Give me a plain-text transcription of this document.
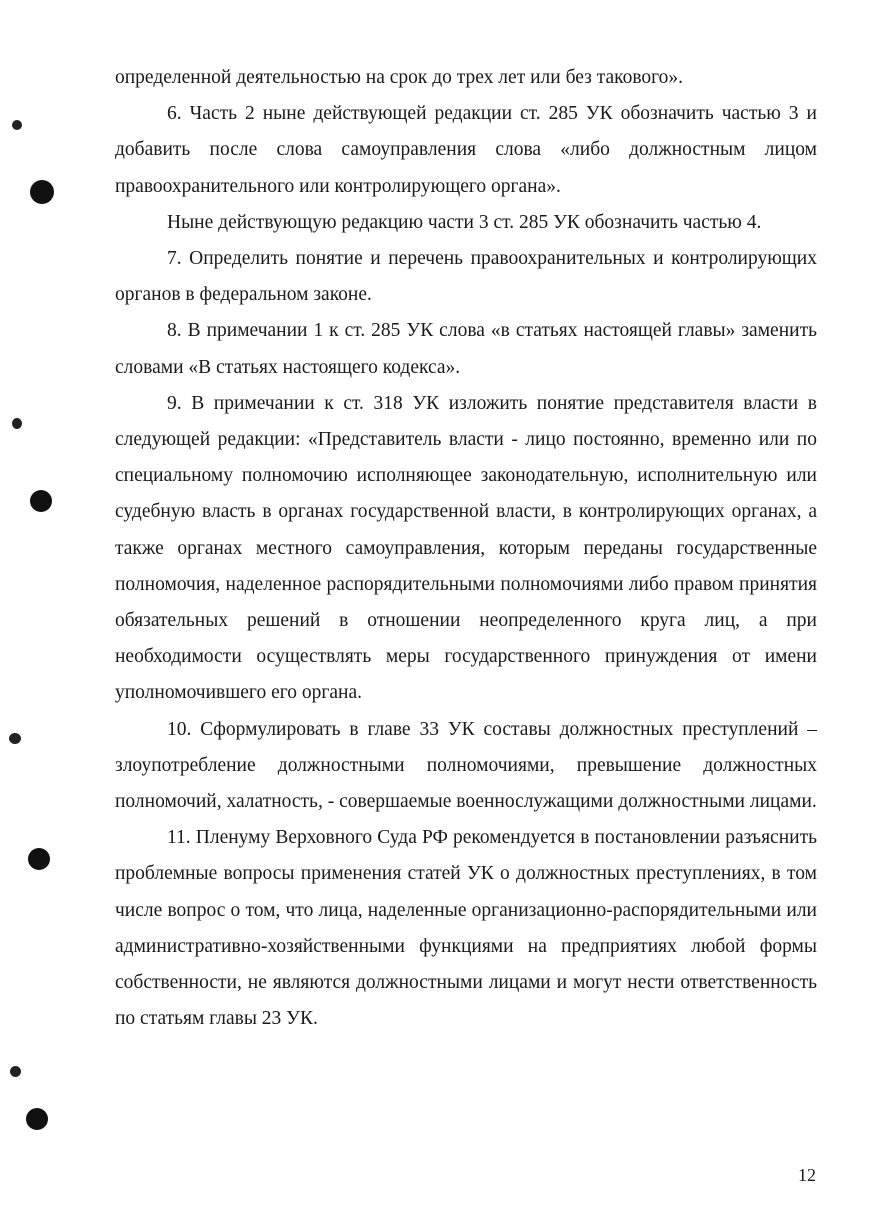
определенной деятельностью на срок до трех лет или без такового».

6. Часть 2 ныне действующей редакции ст. 285 УК обозначить частью 3 и добавить после слова самоуправления слова «либо должностным лицом правоохранительного или контролирующего органа».

Ныне действующую редакцию части 3 ст. 285 УК обозначить частью 4.

7. Определить понятие и перечень правоохранительных и контролирующих органов в федеральном законе.

8. В примечании 1 к ст. 285 УК слова «в статьях настоящей главы» заменить словами «В статьях настоящего кодекса».

9. В примечании к ст. 318 УК изложить понятие представителя власти в следующей редакции: «Представитель власти - лицо постоянно, временно или по специальному полномочию исполняющее законодательную, исполнительную или судебную власть в органах государственной власти, в контролирующих органах, а также органах местного самоуправления, которым переданы государственные полномочия, наделенное распорядительными полномочиями либо правом принятия обязательных решений в отношении неопределенного круга лиц, а при необходимости осуществлять меры государственного принуждения от имени уполномочившего его органа.

10. Сформулировать в главе 33 УК составы должностных преступлений – злоупотребление должностными полномочиями, превышение должностных полномочий, халатность, - совершаемые военнослужащими должностными лицами.

11. Пленуму Верховного Суда РФ рекомендуется в постановлении разъяснить проблемные вопросы применения статей УК о должностных преступлениях, в том числе вопрос о том, что лица, наделенные организационно-распорядительными или административно-хозяйственными функциями на предприятиях любой формы собственности, не являются должностными лицами и могут нести ответственность по статьям главы 23 УК.

12
